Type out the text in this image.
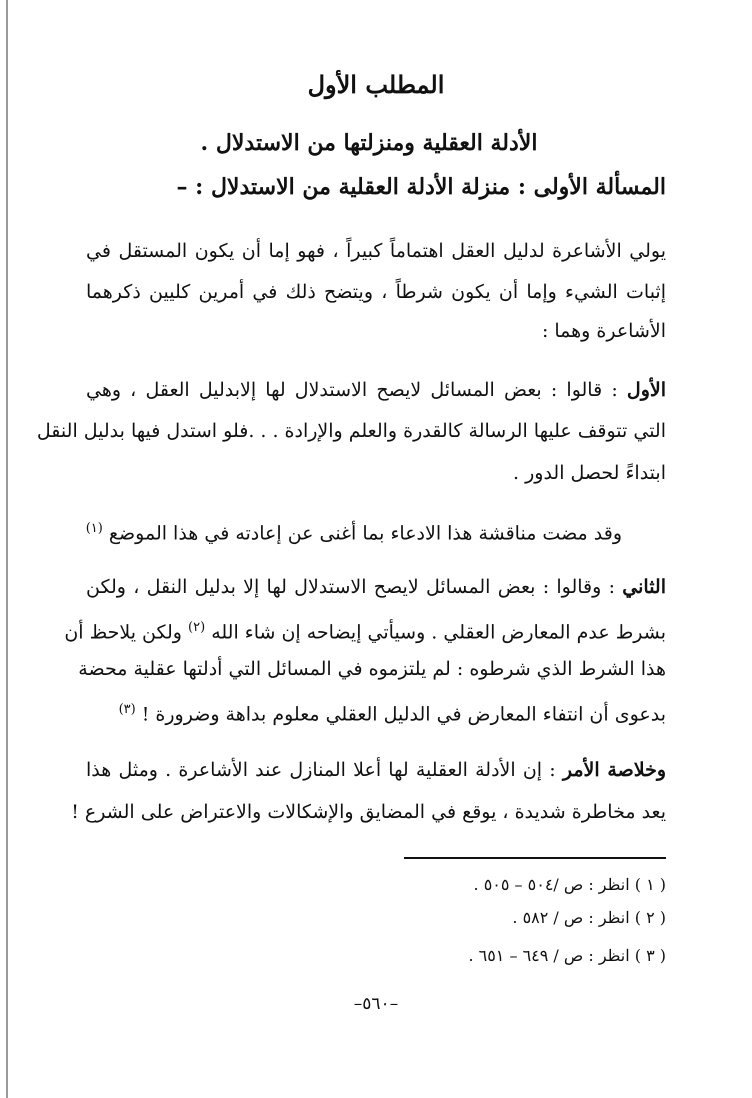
المطلب الأول
الأدلة العقلية ومنزلتها من الاستدلال .
المسألة الأولى : منزلة الأدلة العقلية من الاستدلال : –
يولي الأشاعرة لدليل العقل اهتماماً كبيراً ، فهو إما أن يكون المستقل في
إثبات الشيء وإما أن يكون شرطاً ، ويتضح ذلك في أمرين كليين ذكرهما
الأشاعرة وهما :
الأول : قالوا : بعض المسائل لايصح الاستدلال لها إلابدليل العقل ، وهي
التي تتوقف عليها الرسالة كالقدرة والعلم والإرادة . . .فلو استدل فيها بدليل النقل
ابتداءً لحصل الدور .
وقد مضت مناقشة هذا الادعاء بما أغنى عن إعادته في هذا الموضع $^{(١)}$
الثاني : وقالوا : بعض المسائل لايصح الاستدلال لها إلا بدليل النقل ، ولكن
بشرط عدم المعارض العقلي . وسيأتي إيضاحه إن شاء الله $^{(٢)}$ ولكن يلاحظ أن
هذا الشرط الذي شرطوه : لم يلتزموه في المسائل التي أدلتها عقلية محضة
بدعوى أن انتفاء المعارض في الدليل العقلي معلوم بداهة وضرورة ! $^{(٣)}$
وخلاصة الأمر : إن الأدلة العقلية لها أعلا المنازل عند الأشاعرة . ومثل هذا
يعد مخاطرة شديدة ، يوقع في المضايق والإشكالات والاعتراض على الشرع !
( ١ ) انظر : ص /٥٠٤ – ٥٠٥ .
( ٢ ) انظر : ص / ٥٨٢ .
( ٣ ) انظر : ص / ٦٤٩ – ٦٥١ .
–٥٦٠–
